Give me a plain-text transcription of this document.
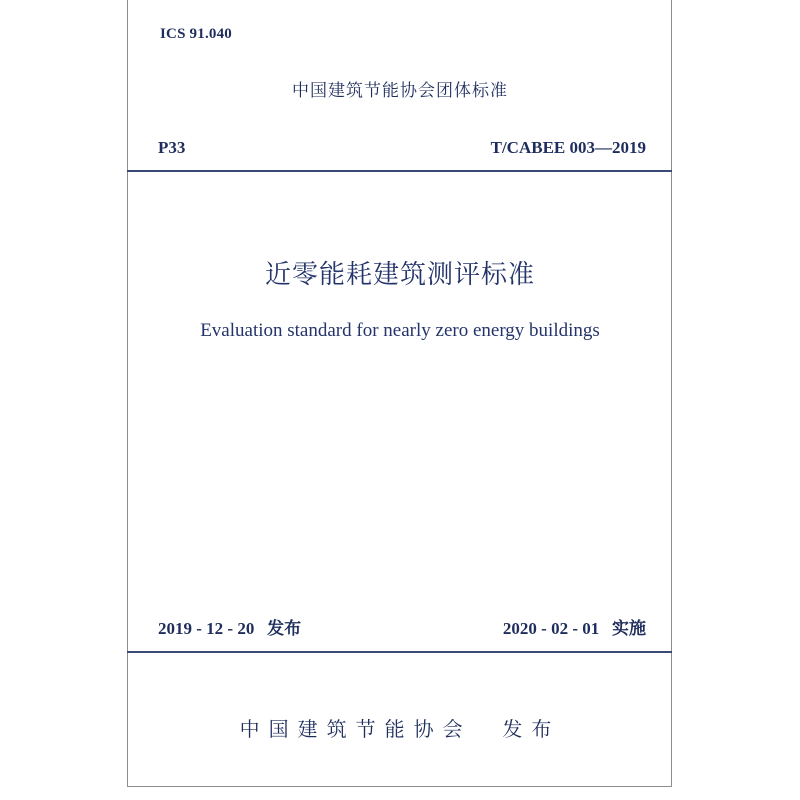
ICS 91.040
中国建筑节能协会团体标准
P33	T/CABEE 003—2019
近零能耗建筑测评标准
Evaluation standard for nearly zero energy buildings
2019 - 12 - 20 发布	2020 - 02 - 01 实施
中国建筑节能协会 发布
